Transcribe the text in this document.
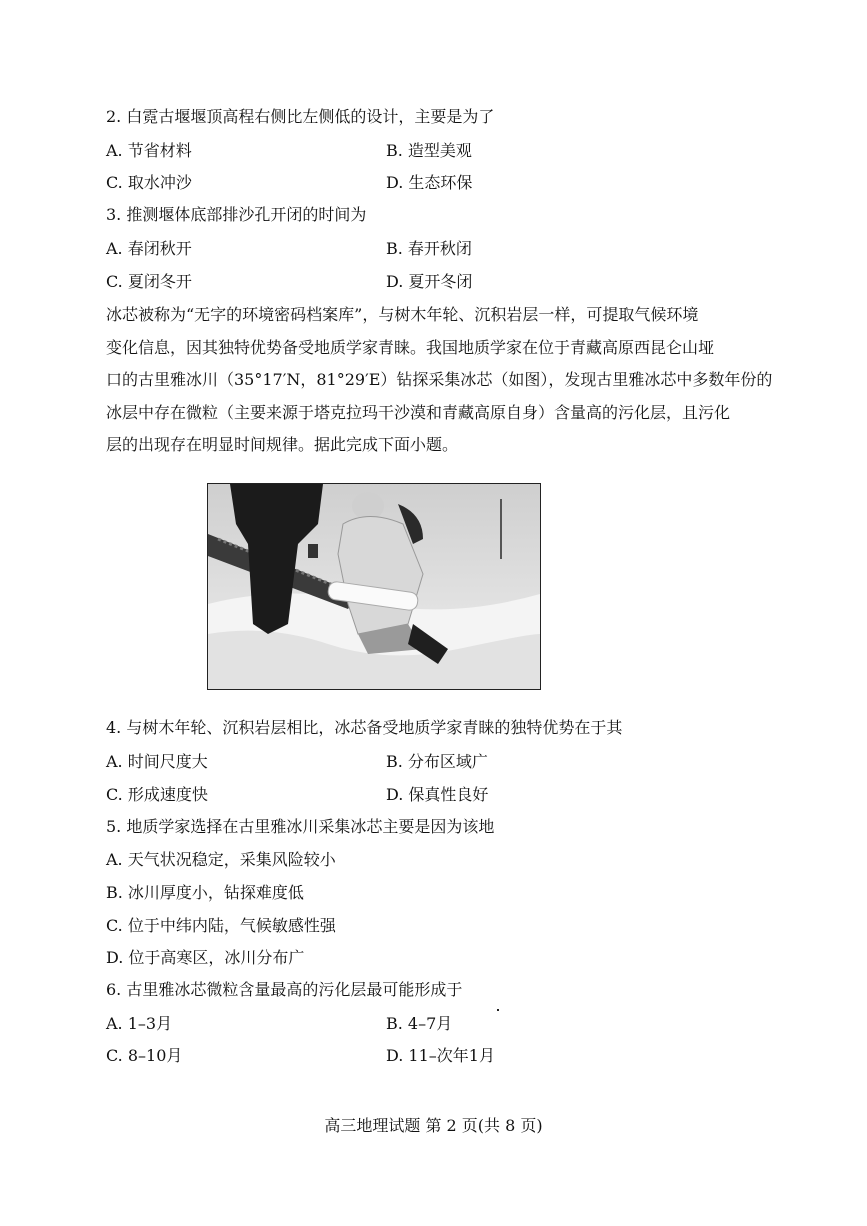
2. 白霓古堰堰顶高程右侧比左侧低的设计，主要是为了
A. 节省材料	B. 造型美观
C. 取水冲沙	D. 生态环保
3. 推测堰体底部排沙孔开闭的时间为
A. 春闭秋开	B. 春开秋闭
C. 夏闭冬开	D. 夏开冬闭
冰芯被称为“无字的环境密码档案库”，与树木年轮、沉积岩层一样，可提取气候环境
变化信息，因其独特优势备受地质学家青睐。我国地质学家在位于青藏高原西昆仑山垭
口的古里雅冰川（35°17′N，81°29′E）钻探采集冰芯（如图），发现古里雅冰芯中多数年份的
冰层中存在微粒（主要来源于塔克拉玛干沙漠和青藏高原自身）含量高的污化层，且污化
层的出现存在明显时间规律。据此完成下面小题。
4. 与树木年轮、沉积岩层相比，冰芯备受地质学家青睐的独特优势在于其
A. 时间尺度大	B. 分布区域广
C. 形成速度快	D. 保真性良好
5. 地质学家选择在古里雅冰川采集冰芯主要是因为该地
A. 天气状况稳定，采集风险较小
B. 冰川厚度小，钻探难度低
C. 位于中纬内陆，气候敏感性强
D. 位于高寒区，冰川分布广
6. 古里雅冰芯微粒含量最高的污化层最可能形成于
A. 1–3月	B. 4–7月
C. 8–10月	D. 11–次年1月
高三地理试题 第 2 页(共 8 页)
